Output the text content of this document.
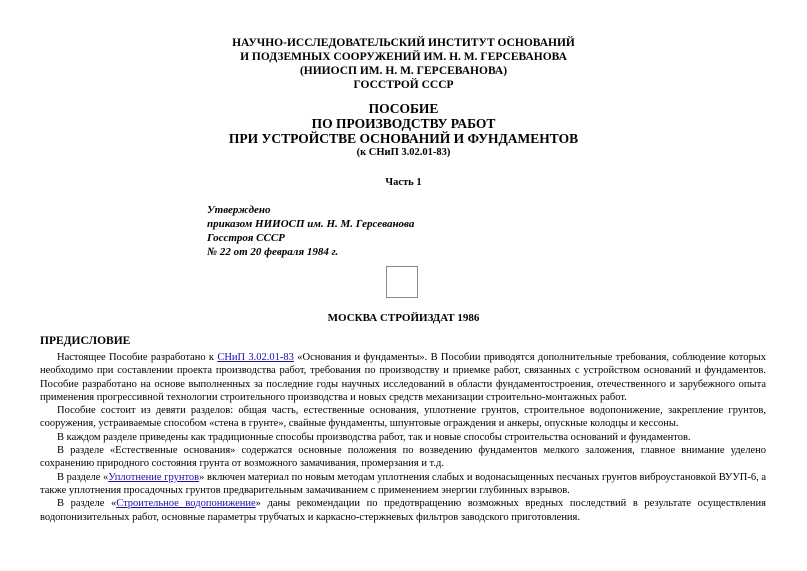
НАУЧНО-ИССЛЕДОВАТЕЛЬСКИЙ ИНСТИТУТ ОСНОВАНИЙ
И ПОДЗЕМНЫХ СООРУЖЕНИЙ ИМ. Н. М. ГЕРСЕВАНОВА
(НИИОСП ИМ. Н. М. ГЕРСЕВАНОВА)
ГОССТРОЙ СССР
ПОСОБИЕ
ПО ПРОИЗВОДСТВУ РАБОТ
ПРИ УСТРОЙСТВЕ ОСНОВАНИЙ И ФУНДАМЕНТОВ
(к СНиП 3.02.01-83)
Часть 1
Утверждено
приказом НИИОСП им. Н. М. Герсеванова
Госстроя СССР
№ 22 от 20 февраля 1984 г.
МОСКВА СТРОЙИЗДАТ 1986
ПРЕДИСЛОВИЕ

Настоящее Пособие разработано к СНиП 3.02.01-83 «Основания и фундаменты». В Пособии приводятся дополнительные требования, соблюдение которых необходимо при составлении проекта производства работ, требования по производству и приемке работ, связанных с устройством оснований и фундаментов. Пособие разработано на основе выполненных за последние годы научных исследований в области фундаментостроения, отечественного и зарубежного опыта применения прогрессивной технологии строительного производства и новых средств механизации строительно-монтажных работ.

Пособие состоит из девяти разделов: общая часть, естественные основания, уплотнение грунтов, строительное водопонижение, закрепление грунтов, сооружения, устраиваемые способом «стена в грунте», свайные фундаменты, шпунтовые ограждения и анкеры, опускные колодцы и кессоны.

В каждом разделе приведены как традиционные способы производства работ, так и новые способы строительства оснований и фундаментов.

В разделе «Естественные основания» содержатся основные положения по возведению фундаментов мелкого заложения, главное внимание уделено сохранению природного состояния грунта от возможного замачивания, промерзания и т.д.

В разделе «Уплотнение грунтов» включен материал по новым методам уплотнения слабых и водонасыщенных песчаных грунтов виброустановкой ВУУП-6, а также уплотнения просадочных грунтов предварительным замачиванием с применением энергии глубинных взрывов.

В разделе «Строительное водопонижение» даны рекомендации по предотвращению возможных вредных последствий в результате осуществления водопонизительных работ, основные параметры трубчатых и каркасно-стержневых фильтров заводского приготовления.
